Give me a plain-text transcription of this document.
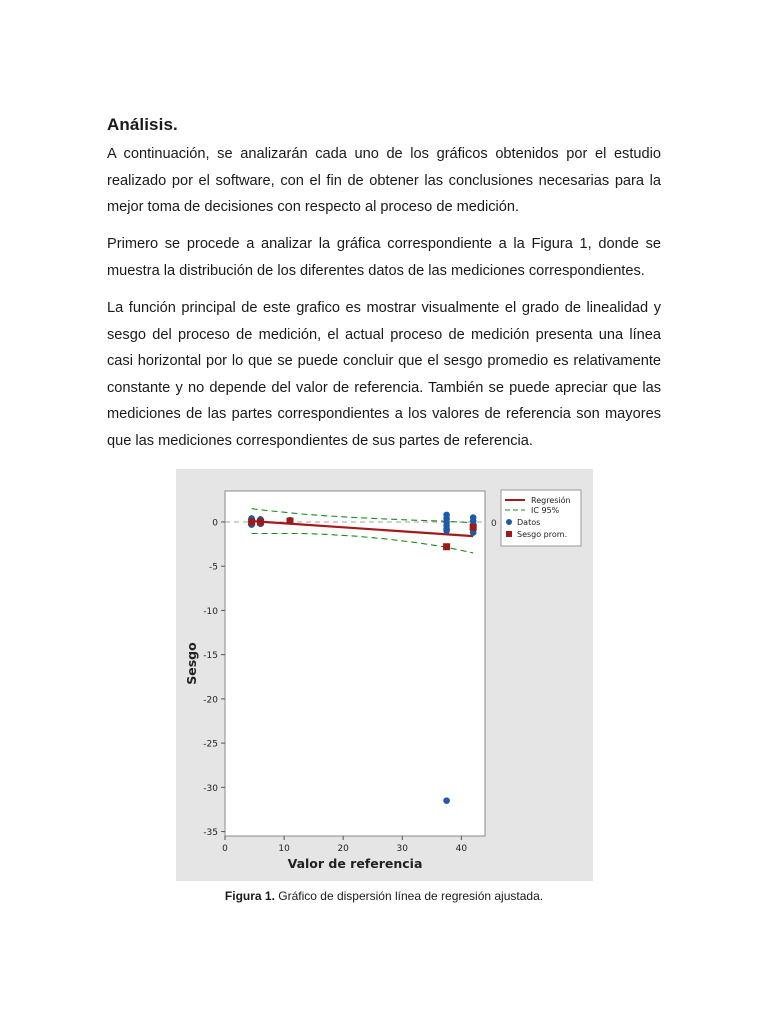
Análisis.

A continuación, se analizarán cada uno de los gráficos obtenidos por el estudio realizado por el software, con el fin de obtener las conclusiones necesarias para la mejor toma de decisiones con respecto al proceso de medición.

Primero se procede a analizar la gráfica correspondiente a la Figura 1, donde se muestra la distribución de los diferentes datos de las mediciones correspondientes.

La función principal de este grafico es mostrar visualmente el grado de linealidad y sesgo del proceso de medición, el actual proceso de medición presenta una línea casi horizontal por lo que se puede concluir que el sesgo promedio es relativamente constante y no depende del valor de referencia. También se puede apreciar que las mediciones de las partes correspondientes a los valores de referencia son mayores que las mediciones correspondientes de sus partes de referencia.

0
0
-5
-10
-15
-20
-25
-30
-35
0	10	20	30	40
Valor de referencia
Sesgo
Regresión
IC 95%
Datos
Sesgo prom.

Figura 1. Gráfico de dispersión línea de regresión ajustada.
